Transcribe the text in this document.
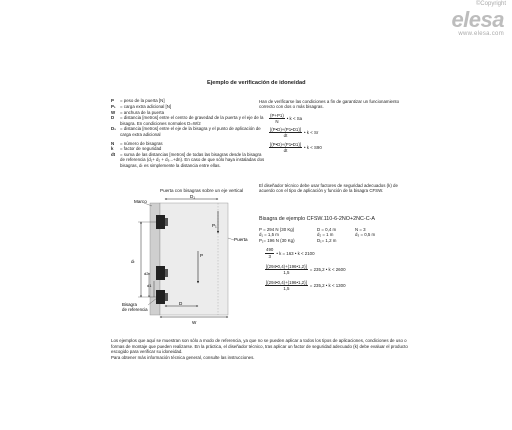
©Copyright
elesa
www.elesa.com
Ejemplo de verificación de idoneidad
P	= peso de la puerta [N]
P₁ = carga extra adicional [N]
W	= anchura de la puerta
D	= distancia [metros] entre el centro de gravedad de la puerta y el eje de la bisagra. En condiciones normales D=W/2
D₁ = distancia [metros] entre el eje de la bisagra y el punto de aplicación de carga extra adicional
N	= número de bisagras
k	= factor de seguridad
dt	= suma de las distancias [metros] de todas las bisagras desde la bisagra de referencia (d₁+ d₂ + d₃...+dn). En caso de que sólo haya instaladas dos bisagras, dₜ es simplemente la distancia entre ellas.
Han de verificarse las condiciones a fin de garantizar un funcionamiento correcto con dos o más bisagras.
$\frac{(P+P1)}{N}$ • k < Sa
$\frac{[(P•D)+(P1•D1)]}{dt}$ • k < Sr
$\frac{[(P•D)+(P1•D1)]}{dt}$ • k < S90
El diseñador técnico debe usar factores de seguridad adecuados (k) de acuerdo con el tipo de aplicación y función de la bisagra CFSW.
Bisagra de ejemplo CFSW.110-6-2NO+2NC-C-A
P = 294 N (30 Kg)	D = 0,4 m	N = 3
d₁ = 1,5 m	d₂ = 1 m	d₃ = 0,5 m
P₁= 196 N (30 Kg)	D₁= 1,2 m
$\frac{490}{3}$ • k = 163 • k < 2100
$\frac{[(294•0,4)+(196•1,2)]}{1,5} = 235,2$ • k < 2600
$\frac{[(294•0,4)+(196•1,2)]}{1,5} = 235,2$ • k < 1300
Puerta con bisagras sobre un eje vertical
Marco
Puerta
D₁
P₁
P
D
W
dₜ
d2
d1
Bisagra de referencia
Los ejemplos que aquí se muestran son sólo a modo de referencia, ya que no se pueden aplicar a todos los tipos de aplicaciones, condiciones de uso o formas de montaje que pueden realizarse. En la práctica, el diseñador técnico, tras aplicar un factor de seguridad adecuado (k) debe evaluar el producto escogido para verificar su idoneidad.
Para obtener más información técnica general, consulte las instrucciones.
